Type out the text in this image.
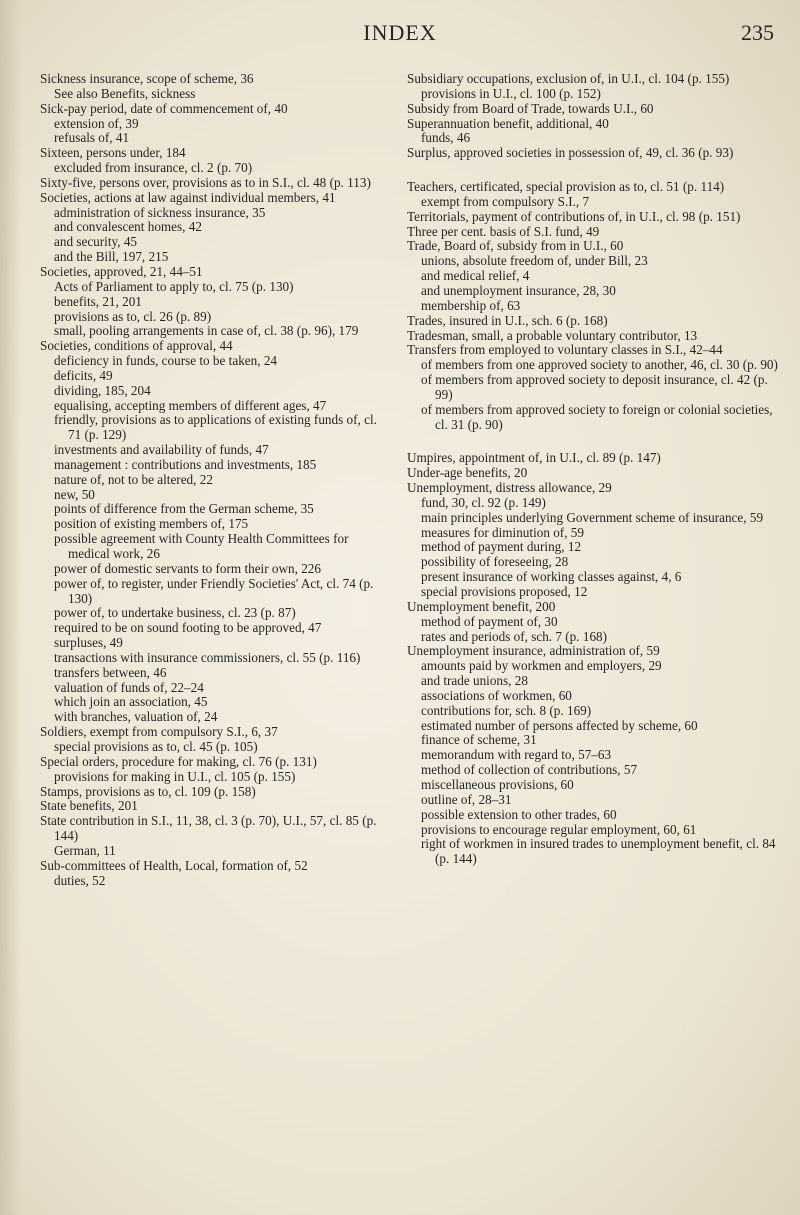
INDEX	235
Sickness insurance, scope of scheme, 36
See also Benefits, sickness
Sick-pay period, date of commencement of, 40
extension of, 39
refusals of, 41
Sixteen, persons under, 184
excluded from insurance, cl. 2 (p. 70)
Sixty-five, persons over, provisions as to in S.I., cl. 48 (p. 113)
Societies, actions at law against individual members, 41
administration of sickness insurance, 35
and convalescent homes, 42
and security, 45
and the Bill, 197, 215
Societies, approved, 21, 44–51
Acts of Parliament to apply to, cl. 75 (p. 130)
benefits, 21, 201
provisions as to, cl. 26 (p. 89)
small, pooling arrangements in case of, cl. 38 (p. 96), 179
Societies, conditions of approval, 44
deficiency in funds, course to be taken, 24
deficits, 49
dividing, 185, 204
equalising, accepting members of different ages, 47
friendly, provisions as to applications of existing funds of, cl. 71 (p. 129)
investments and availability of funds, 47
management : contributions and investments, 185
nature of, not to be altered, 22
new, 50
points of difference from the German scheme, 35
position of existing members of, 175
possible agreement with County Health Committees for medical work, 26
power of domestic servants to form their own, 226
power of, to register, under Friendly Societies' Act, cl. 74 (p. 130)
power of, to undertake business, cl. 23 (p. 87)
required to be on sound footing to be approved, 47
surpluses, 49
transactions with insurance commissioners, cl. 55 (p. 116)
transfers between, 46
valuation of funds of, 22–24
which join an association, 45
with branches, valuation of, 24
Soldiers, exempt from compulsory S.I., 6, 37
special provisions as to, cl. 45 (p. 105)
Special orders, procedure for making, cl. 76 (p. 131)
provisions for making in U.I., cl. 105 (p. 155)
Stamps, provisions as to, cl. 109 (p. 158)
State benefits, 201
State contribution in S.I., 11, 38, cl. 3 (p. 70), U.I., 57, cl. 85 (p. 144)
German, 11
Sub-committees of Health, Local, formation of, 52
duties, 52
Subsidiary occupations, exclusion of, in U.I., cl. 104 (p. 155)
provisions in U.I., cl. 100 (p. 152)
Subsidy from Board of Trade, towards U.I., 60
Superannuation benefit, additional, 40
funds, 46
Surplus, approved societies in possession of, 49, cl. 36 (p. 93)
Teachers, certificated, special provision as to, cl. 51 (p. 114)
exempt from compulsory S.I., 7
Territorials, payment of contributions of, in U.I., cl. 98 (p. 151)
Three per cent. basis of S.I. fund, 49
Trade, Board of, subsidy from in U.I., 60
unions, absolute freedom of, under Bill, 23
and medical relief, 4
and unemployment insurance, 28, 30
membership of, 63
Trades, insured in U.I., sch. 6 (p. 168)
Tradesman, small, a probable voluntary contributor, 13
Transfers from employed to voluntary classes in S.I., 42–44
of members from one approved society to another, 46, cl. 30 (p. 90)
of members from approved society to deposit insurance, cl. 42 (p. 99)
of members from approved society to foreign or colonial societies, cl. 31 (p. 90)
Umpires, appointment of, in U.I., cl. 89 (p. 147)
Under-age benefits, 20
Unemployment, distress allowance, 29
fund, 30, cl. 92 (p. 149)
main principles underlying Government scheme of insurance, 59
measures for diminution of, 59
method of payment during, 12
possibility of foreseeing, 28
present insurance of working classes against, 4, 6
special provisions proposed, 12
Unemployment benefit, 200
method of payment of, 30
rates and periods of, sch. 7 (p. 168)
Unemployment insurance, administration of, 59
amounts paid by workmen and employers, 29
and trade unions, 28
associations of workmen, 60
contributions for, sch. 8 (p. 169)
estimated number of persons affected by scheme, 60
finance of scheme, 31
memorandum with regard to, 57–63
method of collection of contributions, 57
miscellaneous provisions, 60
outline of, 28–31
possible extension to other trades, 60
provisions to encourage regular employment, 60, 61
right of workmen in insured trades to unemployment benefit, cl. 84 (p. 144)
